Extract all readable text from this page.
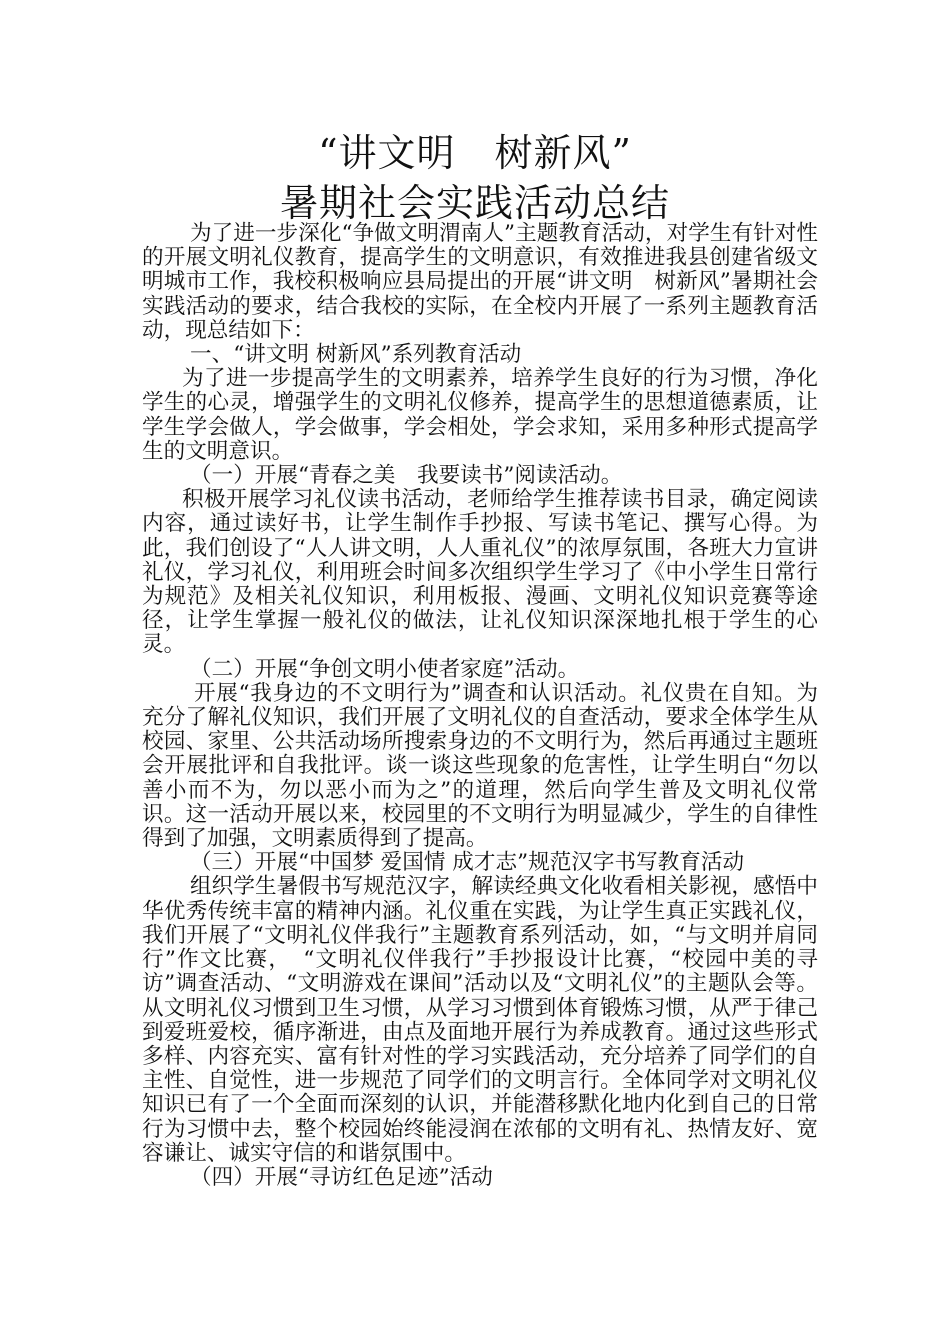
“讲文明　树新风”
暑期社会实践活动总结

为了进一步深化“争做文明渭南人”主题教育活动，对学生有针对性的开展文明礼仪教育，提高学生的文明意识，有效推进我县创建省级文明城市工作，我校积极响应县局提出的开展“讲文明　树新风”暑期社会实践活动的要求，结合我校的实际，在全校内开展了一系列主题教育活动，现总结如下：

一、“讲文明 树新风”系列教育活动

为了进一步提高学生的文明素养，培养学生良好的行为习惯，净化学生的心灵，增强学生的文明礼仪修养，提高学生的思想道德素质，让学生学会做人，学会做事，学会相处，学会求知，采用多种形式提高学生的文明意识。

（一）开展“青春之美　我要读书”阅读活动。

积极开展学习礼仪读书活动，老师给学生推荐读书目录，确定阅读内容，通过读好书，让学生制作手抄报、写读书笔记、撰写心得。为此，我们创设了“人人讲文明，人人重礼仪”的浓厚氛围，各班大力宣讲礼仪，学习礼仪，利用班会时间多次组织学生学习了《中小学生日常行为规范》及相关礼仪知识，利用板报、漫画、文明礼仪知识竞赛等途径，让学生掌握一般礼仪的做法，让礼仪知识深深地扎根于学生的心灵。

（二）开展“争创文明小使者家庭”活动。

开展“我身边的不文明行为”调查和认识活动。礼仪贵在自知。为充分了解礼仪知识，我们开展了文明礼仪的自查活动，要求全体学生从校园、家里、公共活动场所搜索身边的不文明行为，然后再通过主题班会开展批评和自我批评。谈一谈这些现象的危害性，让学生明白“勿以善小而不为，勿以恶小而为之”的道理，然后向学生普及文明礼仪常识。这一活动开展以来，校园里的不文明行为明显减少，学生的自律性得到了加强，文明素质得到了提高。

（三）开展“中国梦 爱国情 成才志”规范汉字书写教育活动

组织学生暑假书写规范汉字，解读经典文化收看相关影视，感悟中华优秀传统丰富的精神内涵。礼仪重在实践，为让学生真正实践礼仪，我们开展了“文明礼仪伴我行”主题教育系列活动，如，“与文明并肩同行”作文比赛，　“文明礼仪伴我行”手抄报设计比赛，“校园中美的寻访”调查活动、“文明游戏在课间”活动以及“文明礼仪”的主题队会等。从文明礼仪习惯到卫生习惯，从学习习惯到体育锻炼习惯，从严于律己到爱班爱校，循序渐进，由点及面地开展行为养成教育。通过这些形式多样、内容充实、富有针对性的学习实践活动，充分培养了同学们的自主性、自觉性，进一步规范了同学们的文明言行。全体同学对文明礼仪知识已有了一个全面而深刻的认识，并能潜移默化地内化到自己的日常行为习惯中去，整个校园始终能浸润在浓郁的文明有礼、热情友好、宽容谦让、诚实守信的和谐氛围中。

（四）开展“寻访红色足迹”活动
